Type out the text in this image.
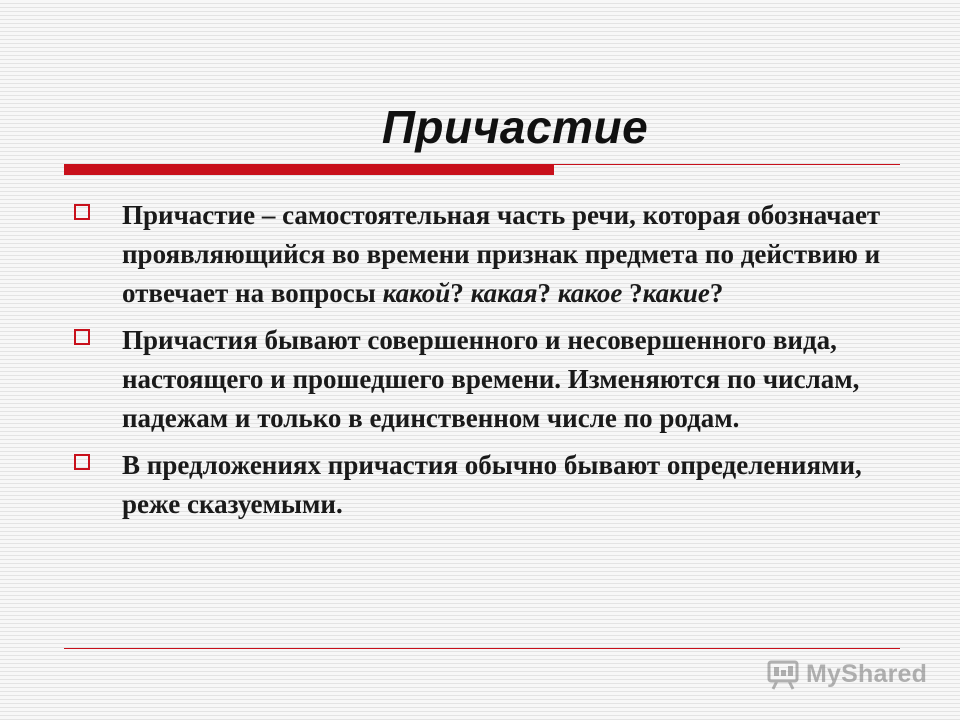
Причастие
Причастие – самостоятельная часть речи, которая обозначает проявляющийся во времени признак предмета по действию и отвечает на вопросы какой? какая? какое ?какие?
Причастия бывают совершенного и несовершенного вида, настоящего и прошедшего времени. Изменяются по числам, падежам и только в единственном числе по родам.
В предложениях причастия обычно бывают определениями, реже сказуемыми.
MyShared
